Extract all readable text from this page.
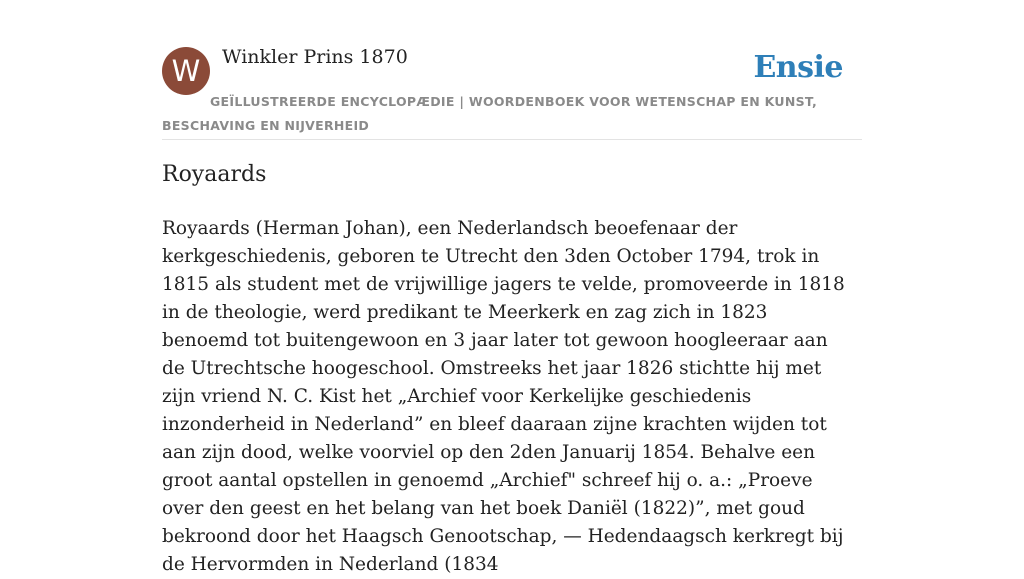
W	Winkler Prins 1870	Ensie
GEÏLLUSTREERDE ENCYCLOPÆDIE | WOORDENBOEK VOOR WETENSCHAP EN KUNST, BESCHAVING EN NIJVERHEID
Royaards

Royaards (Herman Johan), een Nederlandsch beoefenaar der kerkgeschiedenis, geboren te Utrecht den 3den October 1794, trok in 1815 als student met de vrijwillige jagers te velde, promoveerde in 1818 in de theologie, werd predikant te Meerkerk en zag zich in 1823 benoemd tot buitengewoon en 3 jaar later tot gewoon hoogleeraar aan de Utrechtsche hoogeschool. Omstreeks het jaar 1826 stichtte hij met zijn vriend N. C. Kist het „Archief voor Kerkelijke geschiedenis inzonderheid in Nederland” en bleef daaraan zijne krachten wijden tot aan zijn dood, welke voorviel op den 2den Januarij 1854. Behalve een groot aantal opstellen in genoemd „Archief" schreef hij o. a.: „Proeve over den geest en het belang van het boek Daniël (1822)”, met goud bekroond door het Haagsch Genootschap, — Hedendaagsch kerkregt bij de Hervormden in Nederland (1834
